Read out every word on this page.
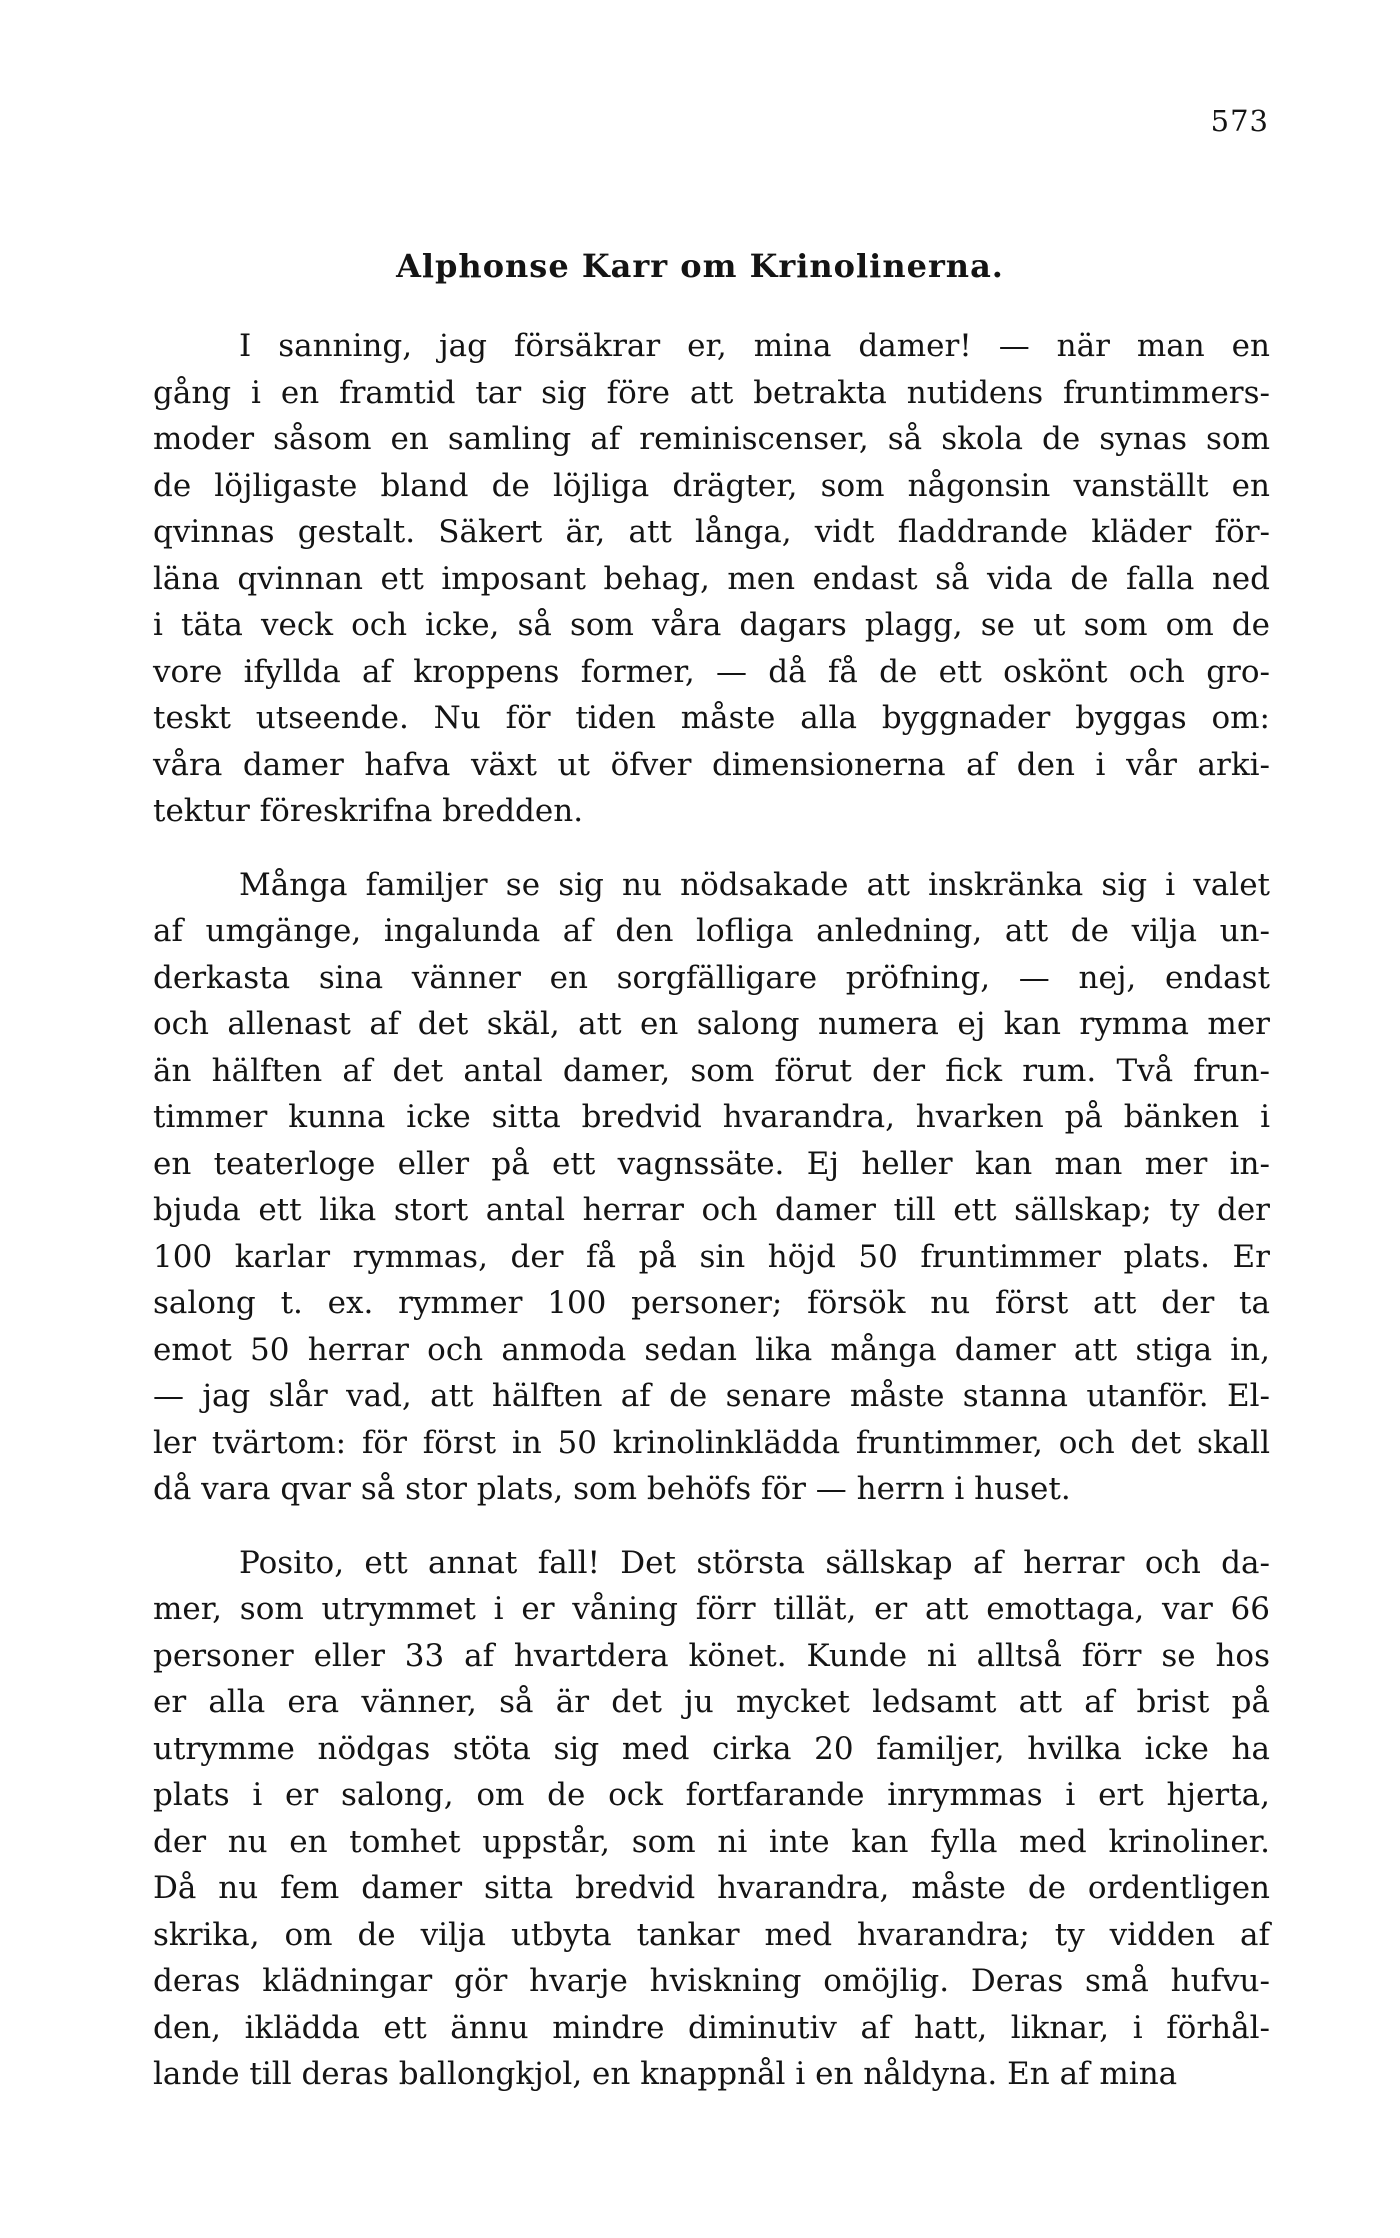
573
Alphonse Karr om Krinolinerna.
I sanning, jag försäkrar er, mina damer! — när man en
gång i en framtid tar sig före att betrakta nutidens fruntimmers-
moder såsom en samling af reminiscenser, så skola de synas som
de löjligaste bland de löjliga drägter, som någonsin vanställt en
qvinnas gestalt. Säkert är, att långa, vidt fladdrande kläder för-
läna qvinnan ett imposant behag, men endast så vida de falla ned
i täta veck och icke, så som våra dagars plagg, se ut som om de
vore ifyllda af kroppens former, — då få de ett oskönt och gro-
teskt utseende. Nu för tiden måste alla byggnader byggas om:
våra damer hafva växt ut öfver dimensionerna af den i vår arki-
tektur föreskrifna bredden.
Många familjer se sig nu nödsakade att inskränka sig i valet
af umgänge, ingalunda af den lofliga anledning, att de vilja un-
derkasta sina vänner en sorgfälligare pröfning, — nej, endast
och allenast af det skäl, att en salong numera ej kan rymma mer
än hälften af det antal damer, som förut der fick rum. Två frun-
timmer kunna icke sitta bredvid hvarandra, hvarken på bänken i
en teaterloge eller på ett vagnssäte. Ej heller kan man mer in-
bjuda ett lika stort antal herrar och damer till ett sällskap; ty der
100 karlar rymmas, der få på sin höjd 50 fruntimmer plats. Er
salong t. ex. rymmer 100 personer; försök nu först att der ta
emot 50 herrar och anmoda sedan lika många damer att stiga in,
— jag slår vad, att hälften af de senare måste stanna utanför. El-
ler tvärtom: för först in 50 krinolinklädda fruntimmer, och det skall
då vara qvar så stor plats, som behöfs för — herrn i huset.
Posito, ett annat fall! Det största sällskap af herrar och da-
mer, som utrymmet i er våning förr tillät, er att emottaga, var 66
personer eller 33 af hvartdera könet. Kunde ni alltså förr se hos
er alla era vänner, så är det ju mycket ledsamt att af brist på
utrymme nödgas stöta sig med cirka 20 familjer, hvilka icke ha
plats i er salong, om de ock fortfarande inrymmas i ert hjerta,
der nu en tomhet uppstår, som ni inte kan fylla med krinoliner.
Då nu fem damer sitta bredvid hvarandra, måste de ordentligen
skrika, om de vilja utbyta tankar med hvarandra; ty vidden af
deras klädningar gör hvarje hviskning omöjlig. Deras små hufvu-
den, iklädda ett ännu mindre diminutiv af hatt, liknar, i förhål-
lande till deras ballongkjol, en knappnål i en nåldyna. En af mina
